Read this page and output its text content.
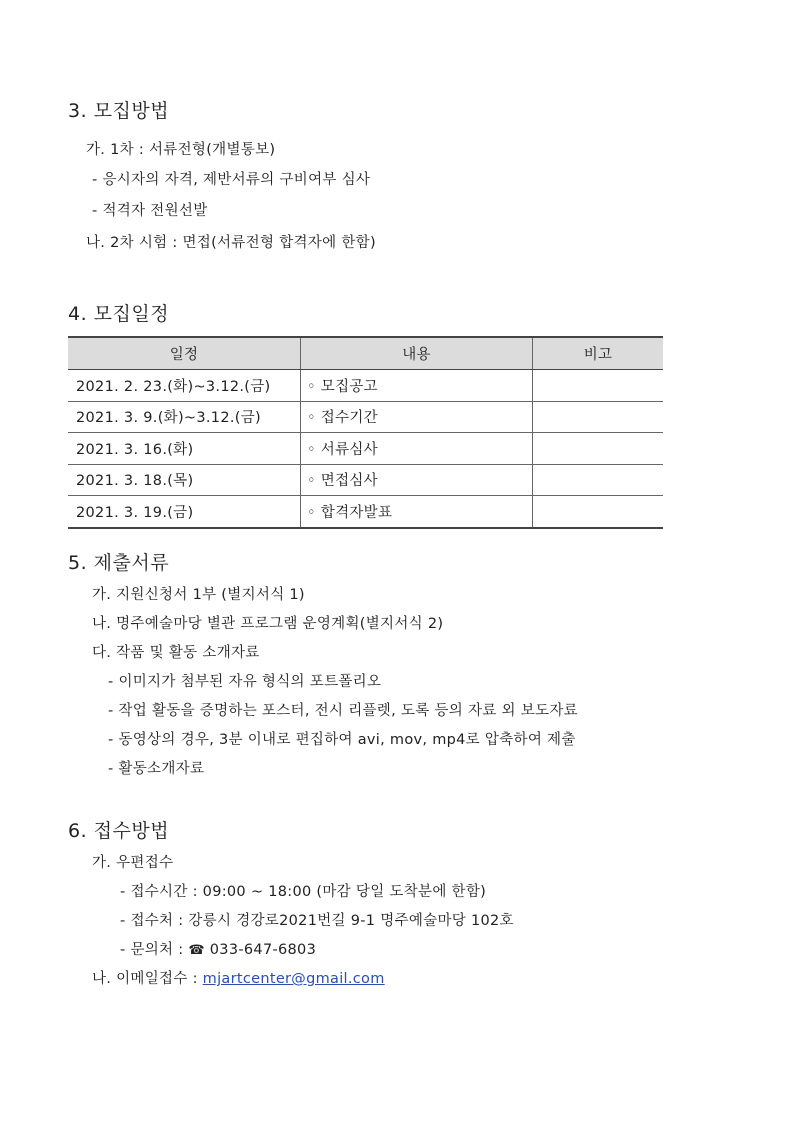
3. 모집방법
가. 1차 : 서류전형(개별통보)
- 응시자의 자격, 제반서류의 구비여부 심사
- 적격자 전원선발
나. 2차 시험 : 면접(서류전형 합격자에 한함)
4. 모집일정
일정	내용	비고
2021. 2. 23.(화)~3.12.(금)	◦ 모집공고	
2021. 3. 9.(화)~3.12.(금)	◦ 접수기간	
2021. 3. 16.(화)	◦ 서류심사	
2021. 3. 18.(목)	◦ 면접심사	
2021. 3. 19.(금)	◦ 합격자발표	
5. 제출서류
가. 지원신청서 1부 (별지서식 1)
나. 명주예술마당 별관 프로그램 운영계획(별지서식 2)
다. 작품 및 활동 소개자료
- 이미지가 첨부된 자유 형식의 포트폴리오
- 작업 활동을 증명하는 포스터, 전시 리플렛, 도록 등의 자료 외 보도자료
- 동영상의 경우, 3분 이내로 편집하여 avi, mov, mp4로 압축하여 제출
- 활동소개자료
6. 접수방법
가. 우편접수
- 접수시간 : 09:00 ~ 18:00 (마감 당일 도착분에 한함)
- 접수처 : 강릉시 경강로2021번길 9-1 명주예술마당 102호
- 문의처 : ☎ 033-647-6803
나. 이메일접수 : mjartcenter@gmail.com
